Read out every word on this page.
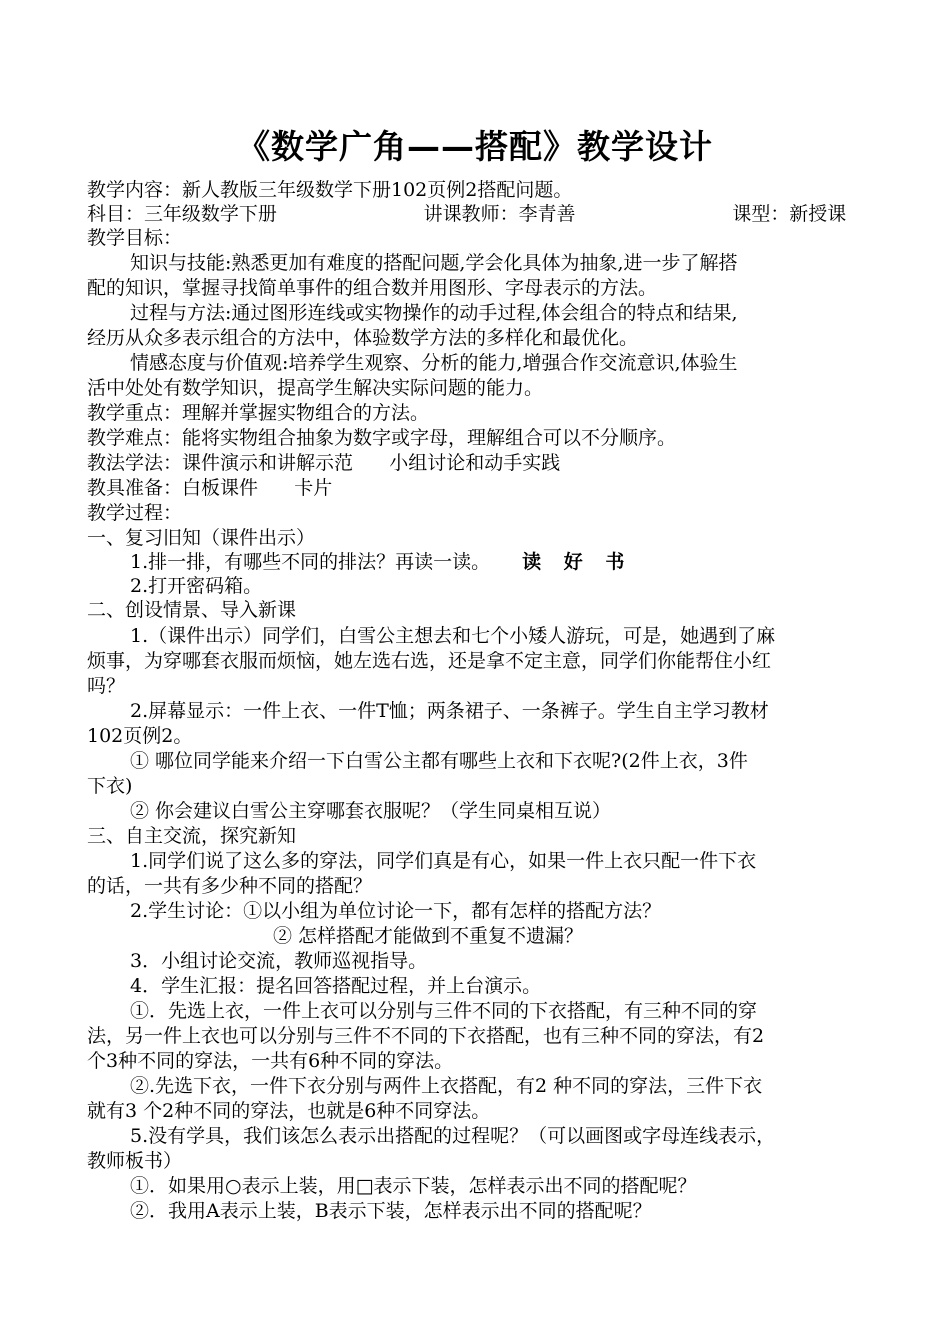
《数学广角——搭配》教学设计
教学内容：新人教版三年级数学下册102页例2搭配问题。
科目：三年级数学下册	讲课教师：李青善	课型：新授课
教学目标：
知识与技能:熟悉更加有难度的搭配问题,学会化具体为抽象,进一步了解搭
配的知识，掌握寻找简单事件的组合数并用图形、字母表示的方法。
过程与方法:通过图形连线或实物操作的动手过程,体会组合的特点和结果,
经历从众多表示组合的方法中，体验数学方法的多样化和最优化。
情感态度与价值观:培养学生观察、分析的能力,增强合作交流意识,体验生
活中处处有数学知识，提高学生解决实际问题的能力。
教学重点：理解并掌握实物组合的方法。
教学难点：能将实物组合抽象为数字或字母，理解组合可以不分顺序。
教法学法：课件演示和讲解示范      小组讨论和动手实践
教具准备：白板课件      卡片
教学过程：
一、复习旧知（课件出示）
1.排一排，有哪些不同的排法？再读一读。 读 好 书
2.打开密码箱。
二、创设情景、导入新课
1.（课件出示）同学们，白雪公主想去和七个小矮人游玩，可是，她遇到了麻
烦事，为穿哪套衣服而烦恼，她左选右选，还是拿不定主意，同学们你能帮住小红
吗？
2.屏幕显示：一件上衣、一件T恤；两条裙子、一条裤子。学生自主学习教材
102页例2。
① 哪位同学能来介绍一下白雪公主都有哪些上衣和下衣呢?(2件上衣，3件
下衣)
② 你会建议白雪公主穿哪套衣服呢？（学生同桌相互说）
三、自主交流，探究新知
1.同学们说了这么多的穿法，同学们真是有心，如果一件上衣只配一件下衣
的话，一共有多少种不同的搭配？
2.学生讨论：①以小组为单位讨论一下，都有怎样的搭配方法？
② 怎样搭配才能做到不重复不遗漏？
3．小组讨论交流，教师巡视指导。
4．学生汇报：提名回答搭配过程，并上台演示。
①．先选上衣，一件上衣可以分别与三件不同的下衣搭配，有三种不同的穿
法，另一件上衣也可以分别与三件不不同的下衣搭配，也有三种不同的穿法，有2
个3种不同的穿法，一共有6种不同的穿法。
②.先选下衣，一件下衣分别与两件上衣搭配，有2 种不同的穿法，三件下衣
就有3 个2种不同的穿法，也就是6种不同穿法。
5.没有学具，我们该怎么表示出搭配的过程呢？（可以画图或字母连线表示，
教师板书）
①．如果用○表示上装，用□表示下装，怎样表示出不同的搭配呢？
②．我用A表示上装，B表示下装，怎样表示出不同的搭配呢？
